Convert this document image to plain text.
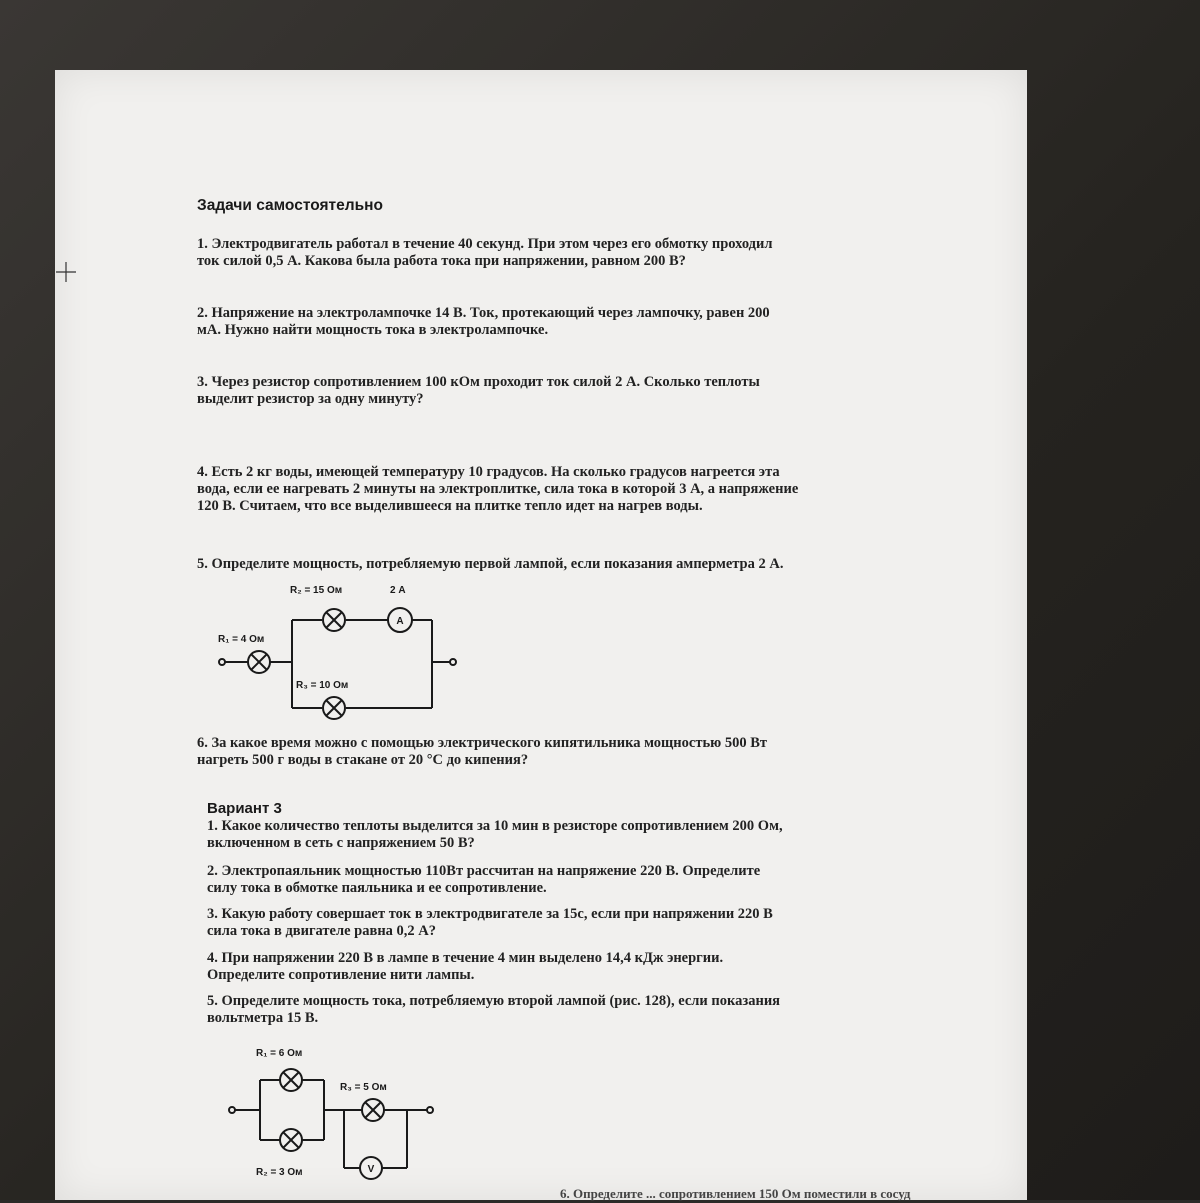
Задачи самостоятельно
1. Электродвигатель работал в течение 40 секунд. При этом через его обмотку проходил
ток силой 0,5 А. Какова была работа тока при напряжении, равном 200 В?
2. Напряжение на электролампочке 14 В. Ток, протекающий через лампочку, равен 200
мА. Нужно найти мощность тока в электролампочке.
3. Через резистор сопротивлением 100 кОм проходит ток силой 2 А. Сколько теплоты
выделит резистор за одну минуту?
4. Есть 2 кг воды, имеющей температуру 10 градусов. На сколько градусов нагреется эта
вода, если ее нагревать 2 минуты на электроплитке, сила тока в которой 3 А, а напряжение
120 В. Считаем, что все выделившееся на плитке тепло идет на нагрев воды.
5. Определите мощность, потребляемую первой лампой, если показания амперметра 2 А.
A
R₂ = 15 Ом	2 А
R₁ = 4 Ом
R₃ = 10 Ом
6. За какое время можно с помощью электрического кипятильника мощностью 500 Вт
нагреть 500 г воды в стакане от 20 °С до кипения?
Вариант 3
1. Какое количество теплоты выделится за 10 мин в резисторе сопротивлением 200 Ом,
включенном в сеть с напряжением 50 В?
2. Электропаяльник мощностью 110Вт рассчитан на напряжение 220 В. Определите
силу тока в обмотке паяльника и ее сопротивление.
3. Какую работу совершает ток в электродвигателе за 15с, если при напряжении 220 В
сила тока в двигателе равна 0,2 А?
4. При напряжении 220 В в лампе в течение 4 мин выделено 14,4 кДж энергии.
Определите сопротивление нити лампы.
5. Определите мощность тока, потребляемую второй лампой (рис. 128), если показания
вольтметра 15 В.
V
R₁ = 6 Ом
R₃ = 5 Ом
R₂ = 3 Ом
6. Определите ... сопротивлением 150 Ом поместили в сосуд
